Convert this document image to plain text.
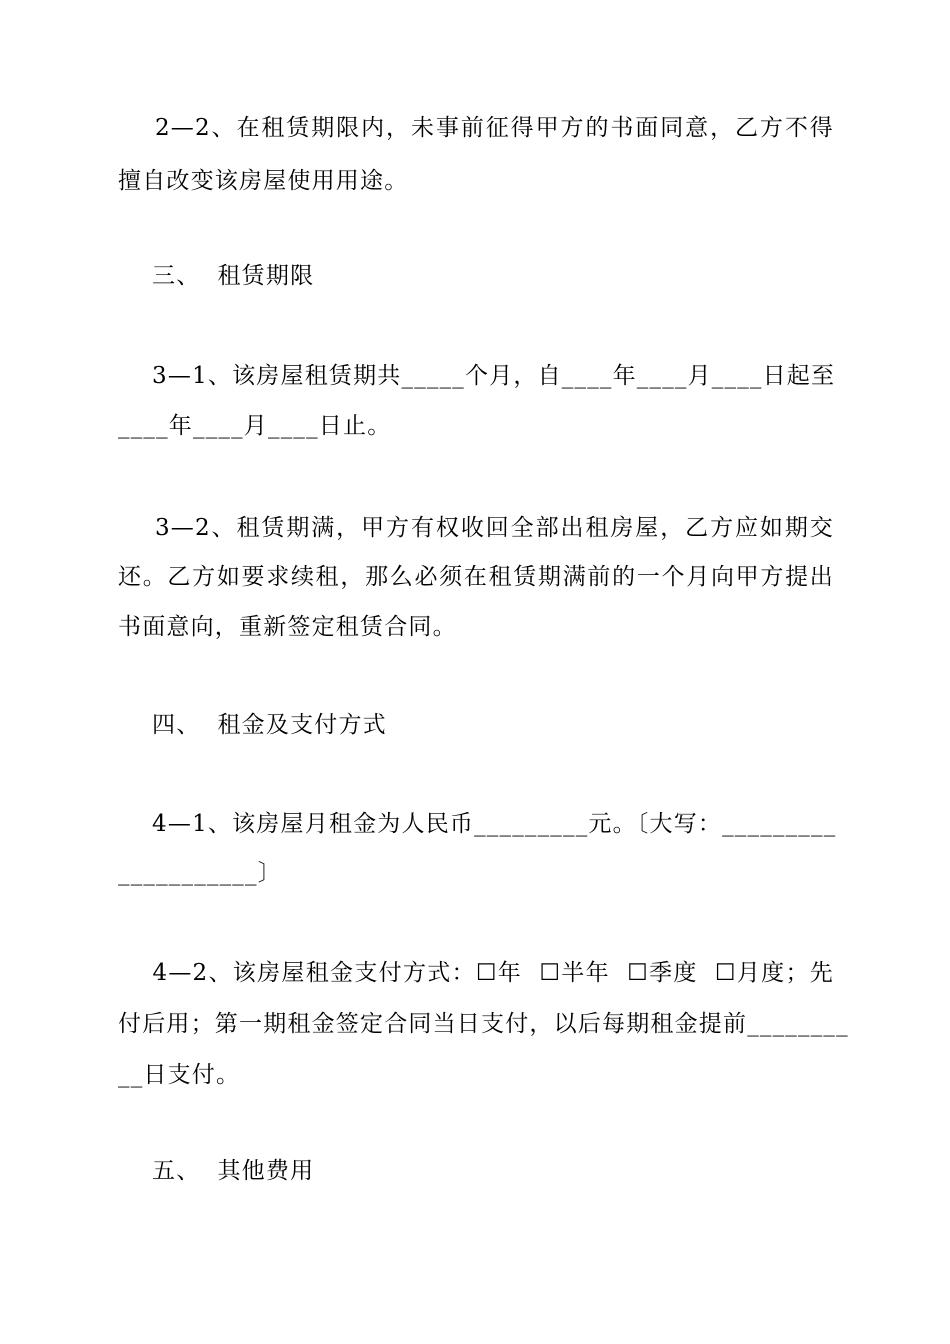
2—2、在租赁期限内，未事前征得甲方的书面同意，乙方不得
擅自改变该房屋使用用途。
三、  租赁期限
3—1、该房屋租赁期共_____个月，自____年____月____日起至
____年____月____日止。
3—2、租赁期满，甲方有权收回全部出租房屋，乙方应如期交
还。乙方如要求续租，那么必须在租赁期满前的一个月向甲方提出
书面意向，重新签定租赁合同。
四、  租金及支付方式
4—1、该房屋月租金为人民币_________元。〔大写：_________
___________〕
4—2、该房屋租金支付方式：☐年  ☐半年  ☐季度  ☐月度；先
付后用；第一期租金签定合同当日支付，以后每期租金提前________
__日支付。
五、  其他费用
